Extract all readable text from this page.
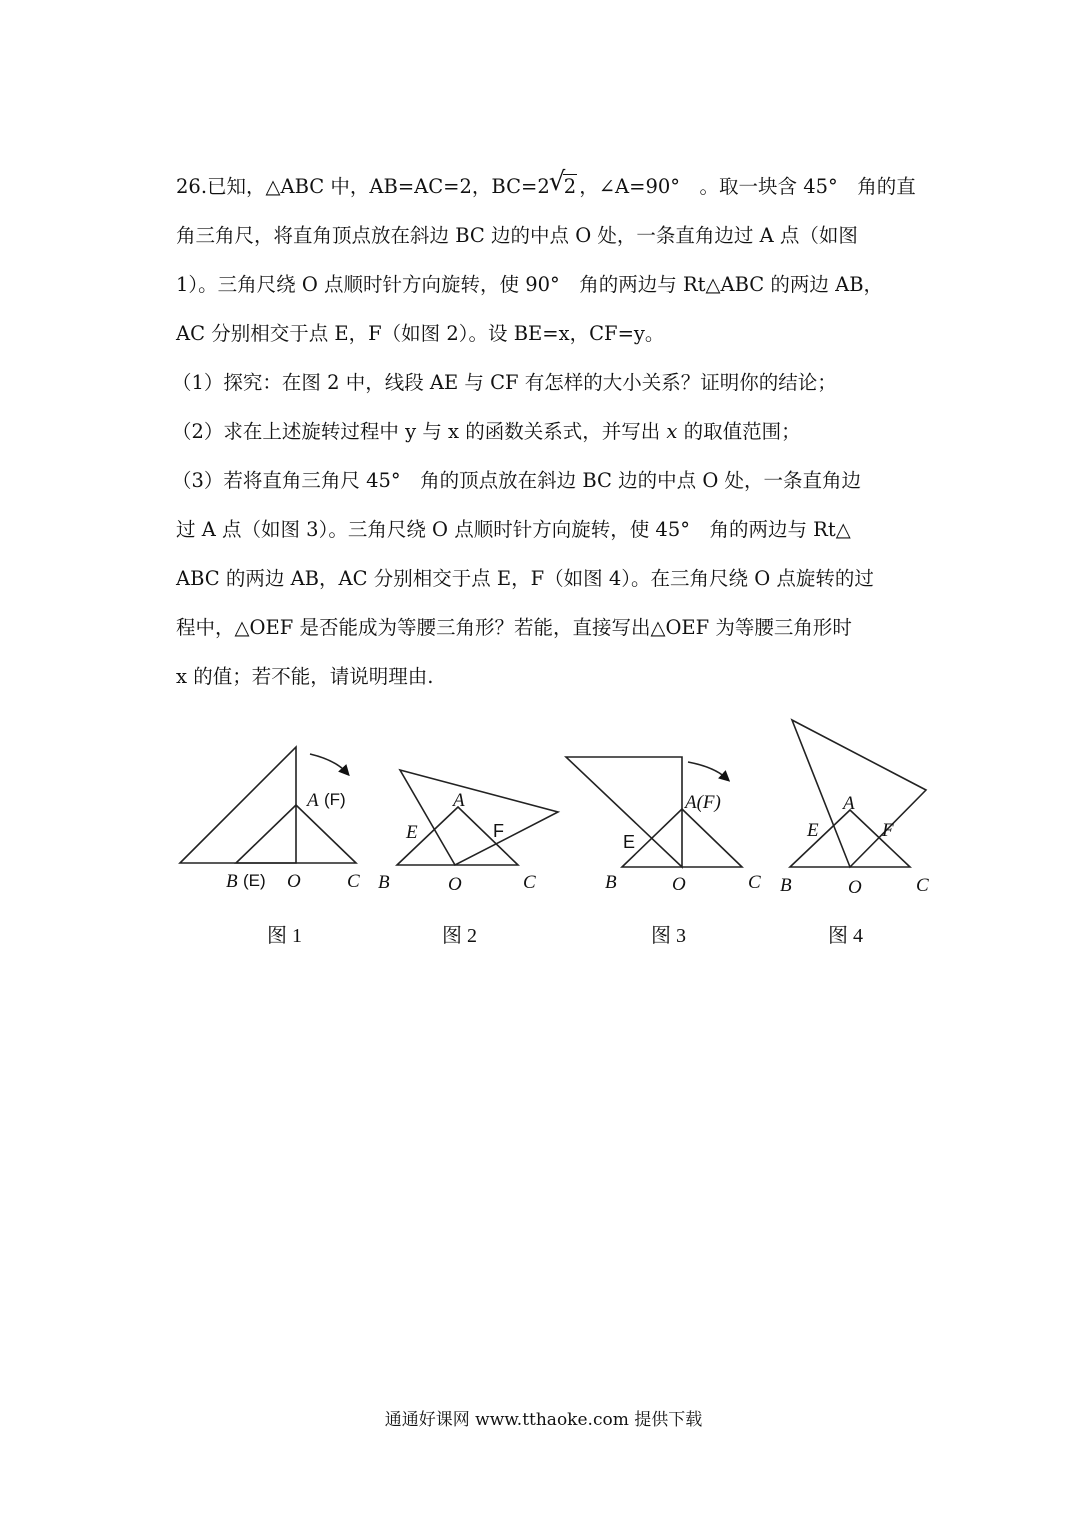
26.已知，△ABC 中，AB=AC=2，BC=2√ 2 ，∠A=90°　。取一块含 45°　角的直
角三角尺，将直角顶点放在斜边 BC 边的中点 O 处，一条直角边过 A 点（如图
1）。三角尺绕 O 点顺时针方向旋转，使 90°　角的两边与 Rt△ABC 的两边 AB，
AC 分别相交于点 E，F（如图 2）。设 BE=x，CF=y。
（1）探究：在图 2 中，线段 AE 与 CF 有怎样的大小关系？证明你的结论；
（2）求在上述旋转过程中 y 与 x 的函数关系式，并写出 x 的取值范围；
（3）若将直角三角尺 45°　角的顶点放在斜边 BC 边的中点 O 处，一条直角边
过 A 点（如图 3）。三角尺绕 O 点顺时针方向旋转，使 45°　角的两边与 Rt△
ABC 的两边 AB，AC 分别相交于点 E，F（如图 4）。在三角尺绕 O 点旋转的过
程中，△OEF 是否能成为等腰三角形？若能，直接写出△OEF 为等腰三角形时
x 的值；若不能，请说明理由.
A (F)
B (E) O C
图 1
A
E	F
B	O	C
图 2
A(F)
E
B	O	C
图 3
A
E	F
B	O	C
图 4
通通好课网 www.tthaoke.com 提供下载
